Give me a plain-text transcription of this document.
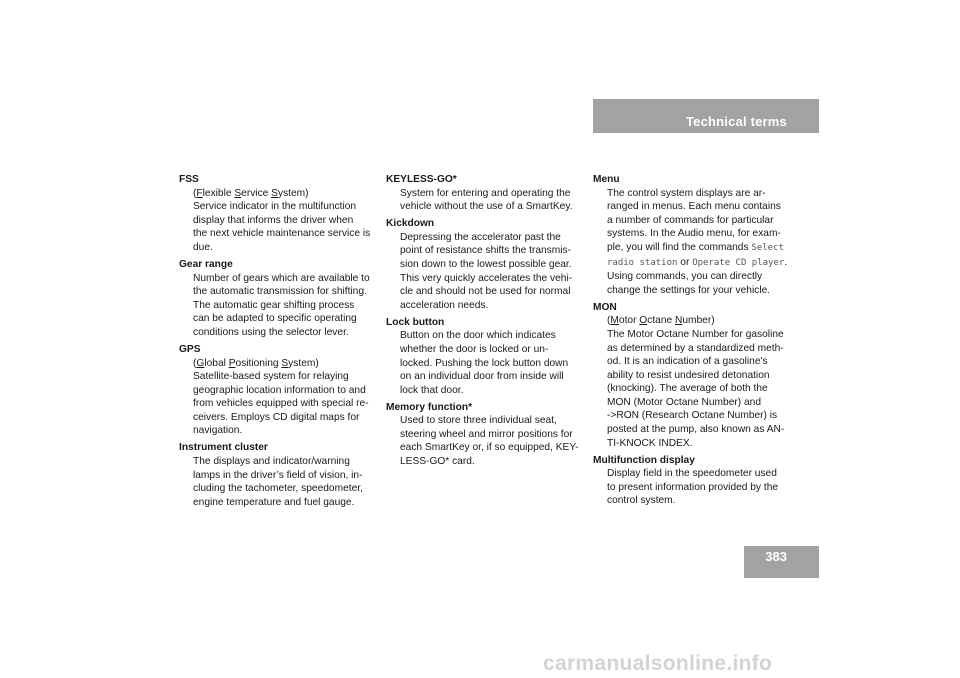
Technical terms
FSS
(Flexible Service System)
Service indicator in the multifunction
display that informs the driver when
the next vehicle maintenance service is
due.
Gear range
Number of gears which are available to
the automatic transmission for shifting.
The automatic gear shifting process
can be adapted to specific operating
conditions using the selector lever.
GPS
(Global Positioning System)
Satellite-based system for relaying
geographic location information to and
from vehicles equipped with special re-
ceivers. Employs CD digital maps for
navigation.
Instrument cluster
The displays and indicator/warning
lamps in the driver’s field of vision, in-
cluding the tachometer, speedometer,
engine temperature and fuel gauge.
KEYLESS-GO*
System for entering and operating the
vehicle without the use of a SmartKey.
Kickdown
Depressing the accelerator past the
point of resistance shifts the transmis-
sion down to the lowest possible gear.
This very quickly accelerates the vehi-
cle and should not be used for normal
acceleration needs.
Lock button
Button on the door which indicates
whether the door is locked or un-
locked. Pushing the lock button down
on an individual door from inside will
lock that door.
Memory function*
Used to store three individual seat,
steering wheel and mirror positions for
each SmartKey or, if so equipped, KEY-
LESS-GO* card.
Menu
The control system displays are ar-
ranged in menus. Each menu contains
a number of commands for particular
systems. In the Audio menu, for exam-
ple, you will find the commands Select
radio station or Operate CD player.
Using commands, you can directly
change the settings for your vehicle.
MON
(Motor Octane Number)
The Motor Octane Number for gasoline
as determined by a standardized meth-
od. It is an indication of a gasoline's
ability to resist undesired detonation
(knocking). The average of both the
MON (Motor Octane Number) and
->RON (Research Octane Number) is
posted at the pump, also known as AN-
TI-KNOCK INDEX.
Multifunction display
Display field in the speedometer used
to present information provided by the
control system.
383
carmanualsonline.info
